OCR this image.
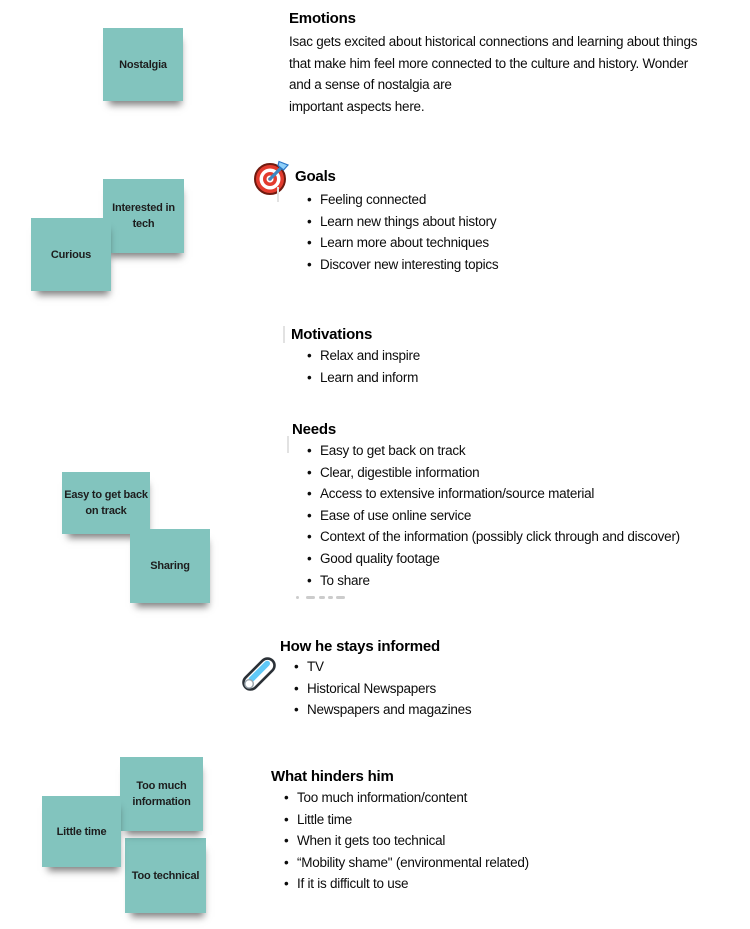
Nostalgia
Interested in
tech
Curious
Easy to get back
on track
Sharing
Too much
information
Little time
Too technical
Emotions
Isac gets excited about historical connections and learning about things
that make him feel more connected to the culture and history. Wonder
and a sense of nostalgia are
important aspects here.
Goals
• Feeling connected
• Learn new things about history
• Learn more about techniques
• Discover new interesting topics
Motivations
• Relax and inspire
• Learn and inform
Needs
• Easy to get back on track
• Clear, digestible information
• Access to extensive information/source material
• Ease of use online service
• Context of the information (possibly click through and discover)
• Good quality footage
• To share
How he stays informed
• TV
• Historical Newspapers
• Newspapers and magazines
What hinders him
• Too much information/content
• Little time
• When it gets too technical
• “Mobility shame" (environmental related)
• If it is difficult to use
